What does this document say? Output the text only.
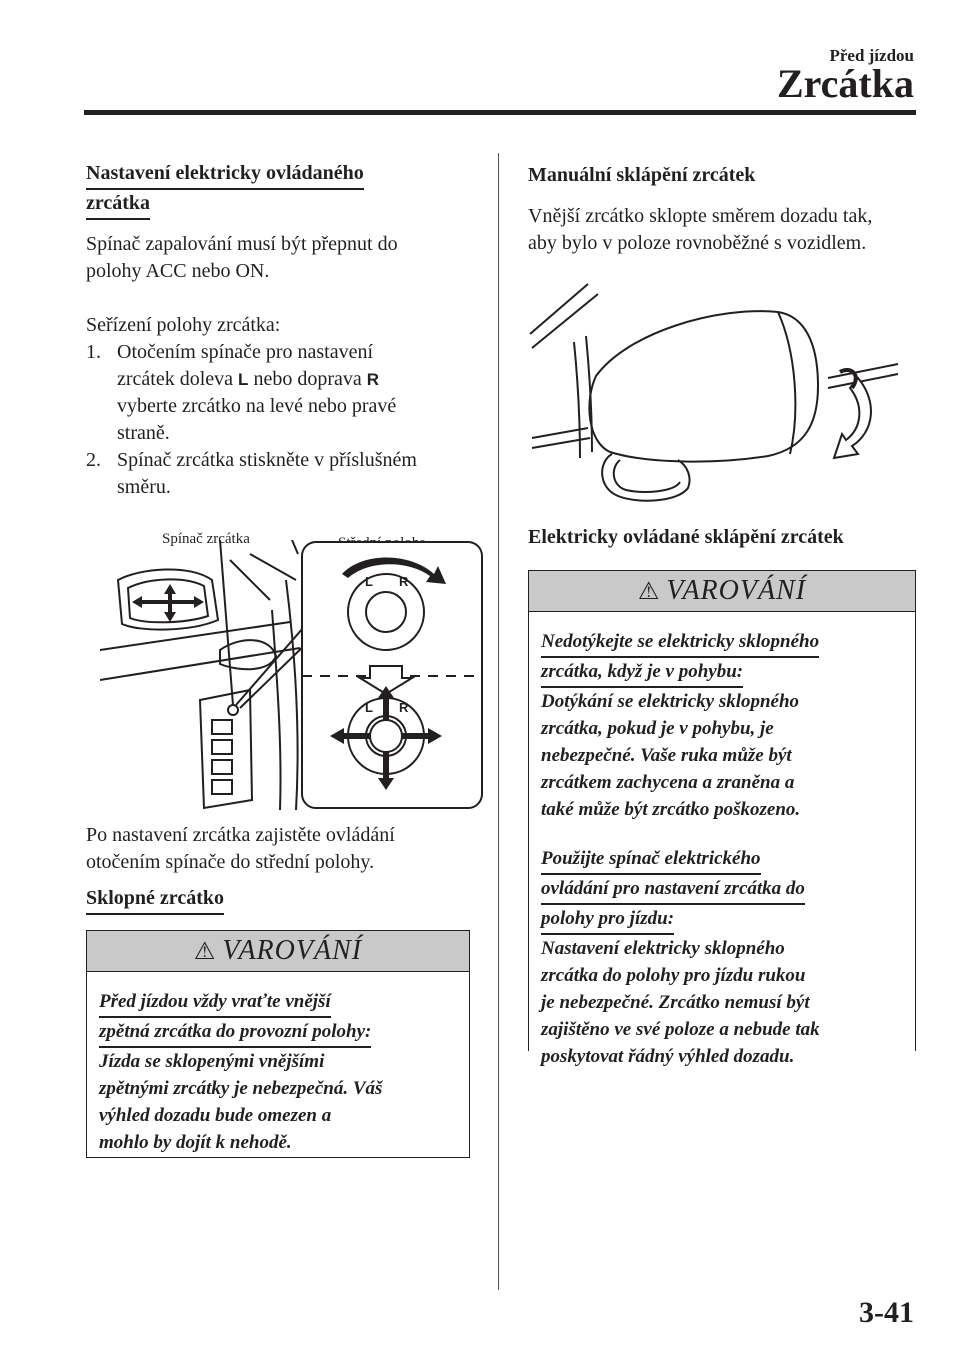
Před jízdou
Zrcátka
Nastavení elektricky ovládaného
zrcátka
Spínač zapalování musí být přepnut do
polohy ACC nebo ON.
Seřízení polohy zrcátka:
1. Otočením spínače pro nastavení
zrcátek doleva L nebo doprava R
vyberte zrcátko na levé nebo pravé
straně.
2. Spínač zrcátka stiskněte v příslušném
směru.
Spínač zrcátka
L R
L R
Po nastavení zrcátka zajistěte ovládání
otočením spínače do střední polohy.
Sklopné zrcátko
⚠ VAROVÁNÍ
Před jízdou vždy vraťte vnější
zpětná zrcátka do provozní polohy:
Jízda se sklopenými vnějšími
zpětnými zrcátky je nebezpečná. Váš
výhled dozadu bude omezen a
mohlo by dojít k nehodě.
Manuální sklápění zrcátek
Vnější zrcátko sklopte směrem dozadu tak,
aby bylo v poloze rovnoběžné s vozidlem.
Elektricky ovládané sklápění zrcátek
⚠ VAROVÁNÍ
Nedotýkejte se elektricky sklopného
zrcátka, když je v pohybu:
Dotýkání se elektricky sklopného
zrcátka, pokud je v pohybu, je
nebezpečné. Vaše ruka může být
zrcátkem zachycena a zraněna a
také může být zrcátko poškozeno.
Použijte spínač elektrického
ovládání pro nastavení zrcátka do
polohy pro jízdu:
Nastavení elektricky sklopného
zrcátka do polohy pro jízdu rukou
je nebezpečné. Zrcátko nemusí být
zajištěno ve své poloze a nebude tak
poskytovat řádný výhled dozadu.
3-41
